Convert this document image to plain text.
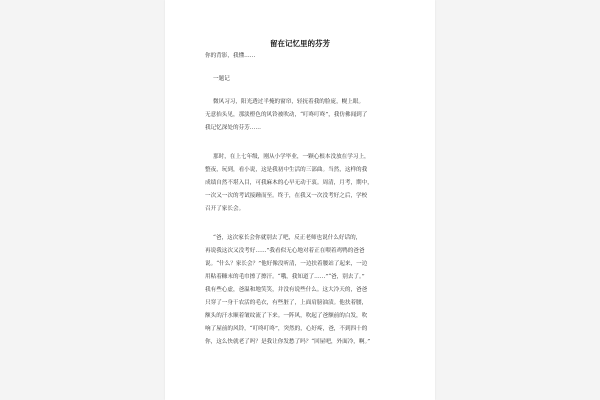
留在记忆里的芬芳
你的背影，我懂……
一题记
微风习习，阳光透过半掩的窗帘，轻抚着我的脸庞，幌上眼。
无意抬头见，那淡橙色的风铃被吹动，“叮咚叮咚”，我仿佛闻到了
我记忆深处的芬芳……
那时，在上七年级，刚从小学毕业，一颗心根本没放在学习上，
整夜，玩到，看小说，这是我初中生活的三部曲。当然，这样的我
成绩自然不堪入目，可我麻木的心早无动于衷。周清，月考，期中，
一次又一次的考试接踵而至。终于，在我又一次没考好之后，学校
召开了家长会。
“爸，这次家长会你就别去了吧，反正老师也说什么好话的，
再说我这次又没考好……”我看似无心地对着正在喂着鸡鸭的爸爸
说。“什么？家长会？”他好像没听清，一边扶着腰站了起来，一边
用粘着糠末的毛巾擦了擦汗。“哦，我知道了……”“爸，别去了。”
我有些心虚，爸温和地笑笑，并没有说些什么。这大冷天的，爸爸
只穿了一身干农活的毛衣，有些脏了，上面肩膀油渍。他扶着腰，
额头的汗水顺着皱纹流了下来。一阵风，吹起了爸额前的白发，吹
响了屋前的风铃，“叮咚叮咚”，突然的，心好疼，爸，不到四十的
你，这么快就老了吗？是我让你发愁了吗？“回屋吧，外面冷，啊。”
